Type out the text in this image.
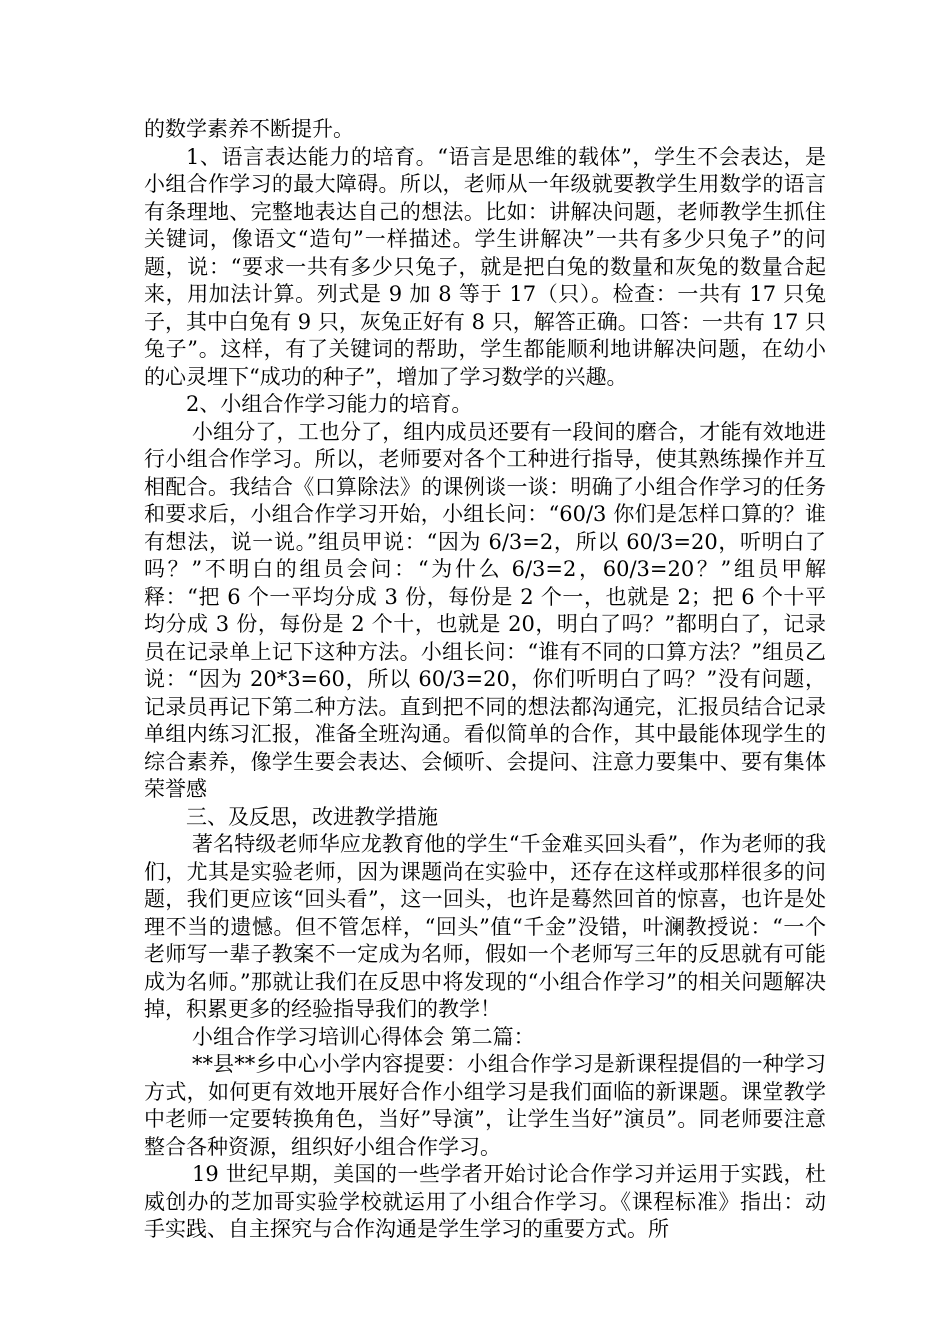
的数学素养不断提升。

1、语言表达能力的培育。“语言是思维的载体”，学生不会表达，是小组合作学习的最大障碍。所以，老师从一年级就要教学生用数学的语言有条理地、完整地表达自己的想法。比如：讲解决问题，老师教学生抓住关键词，像语文“造句”一样描述。学生讲解决”一共有多少只兔子”的问题，说：“要求一共有多少只兔子，就是把白兔的数量和灰兔的数量合起来，用加法计算。列式是 9 加 8 等于 17（只）。检查：一共有 17 只兔子，其中白兔有 9 只，灰兔正好有 8 只，解答正确。口答：一共有 17 只兔子”。这样，有了关键词的帮助，学生都能顺利地讲解决问题，在幼小的心灵埋下“成功的种子”，增加了学习数学的兴趣。

2、小组合作学习能力的培育。

小组分了，工也分了，组内成员还要有一段间的磨合，才能有效地进行小组合作学习。所以，老师要对各个工种进行指导，使其熟练操作并互相配合。我结合《口算除法》的课例谈一谈：明确了小组合作学习的任务和要求后，小组合作学习开始，小组长问：“60/3 你们是怎样口算的？谁有想法，说一说。”组员甲说：“因为 6/3=2，所以 60/3=20，听明白了吗？”不明白的组员会问：“为什么 6/3=2，60/3=20？”组员甲解释：“把 6 个一平均分成 3 份，每份是 2 个一，也就是 2；把 6 个十平均分成 3 份，每份是 2 个十，也就是 20，明白了吗？”都明白了，记录员在记录单上记下这种方法。小组长问：“谁有不同的口算方法？”组员乙说：“因为 20*3=60，所以 60/3=20，你们听明白了吗？”没有问题，记录员再记下第二种方法。直到把不同的想法都沟通完，汇报员结合记录单组内练习汇报，准备全班沟通。看似简单的合作，其中最能体现学生的综合素养，像学生要会表达、会倾听、会提问、注意力要集中、要有集体荣誉感

三、及反思，改进教学措施

著名特级老师华应龙教育他的学生“千金难买回头看”，作为老师的我们，尤其是实验老师，因为课题尚在实验中，还存在这样或那样很多的问题，我们更应该“回头看”，这一回头，也许是蓦然回首的惊喜，也许是处理不当的遗憾。但不管怎样，“回头”值“千金”没错，叶澜教授说：“一个老师写一辈子教案不一定成为名师，假如一个老师写三年的反思就有可能成为名师。”那就让我们在反思中将发现的“小组合作学习”的相关问题解决掉，积累更多的经验指导我们的教学！

小组合作学习培训心得体会 第二篇：

**县**乡中心小学内容提要：小组合作学习是新课程提倡的一种学习方式，如何更有效地开展好合作小组学习是我们面临的新课题。课堂教学中老师一定要转换角色，当好”导演”，让学生当好”演员”。同老师要注意整合各种资源，组织好小组合作学习。

19 世纪早期，美国的一些学者开始讨论合作学习并运用于实践，杜威创办的芝加哥实验学校就运用了小组合作学习。《课程标准》指出：动手实践、自主探究与合作沟通是学生学习的重要方式。所
